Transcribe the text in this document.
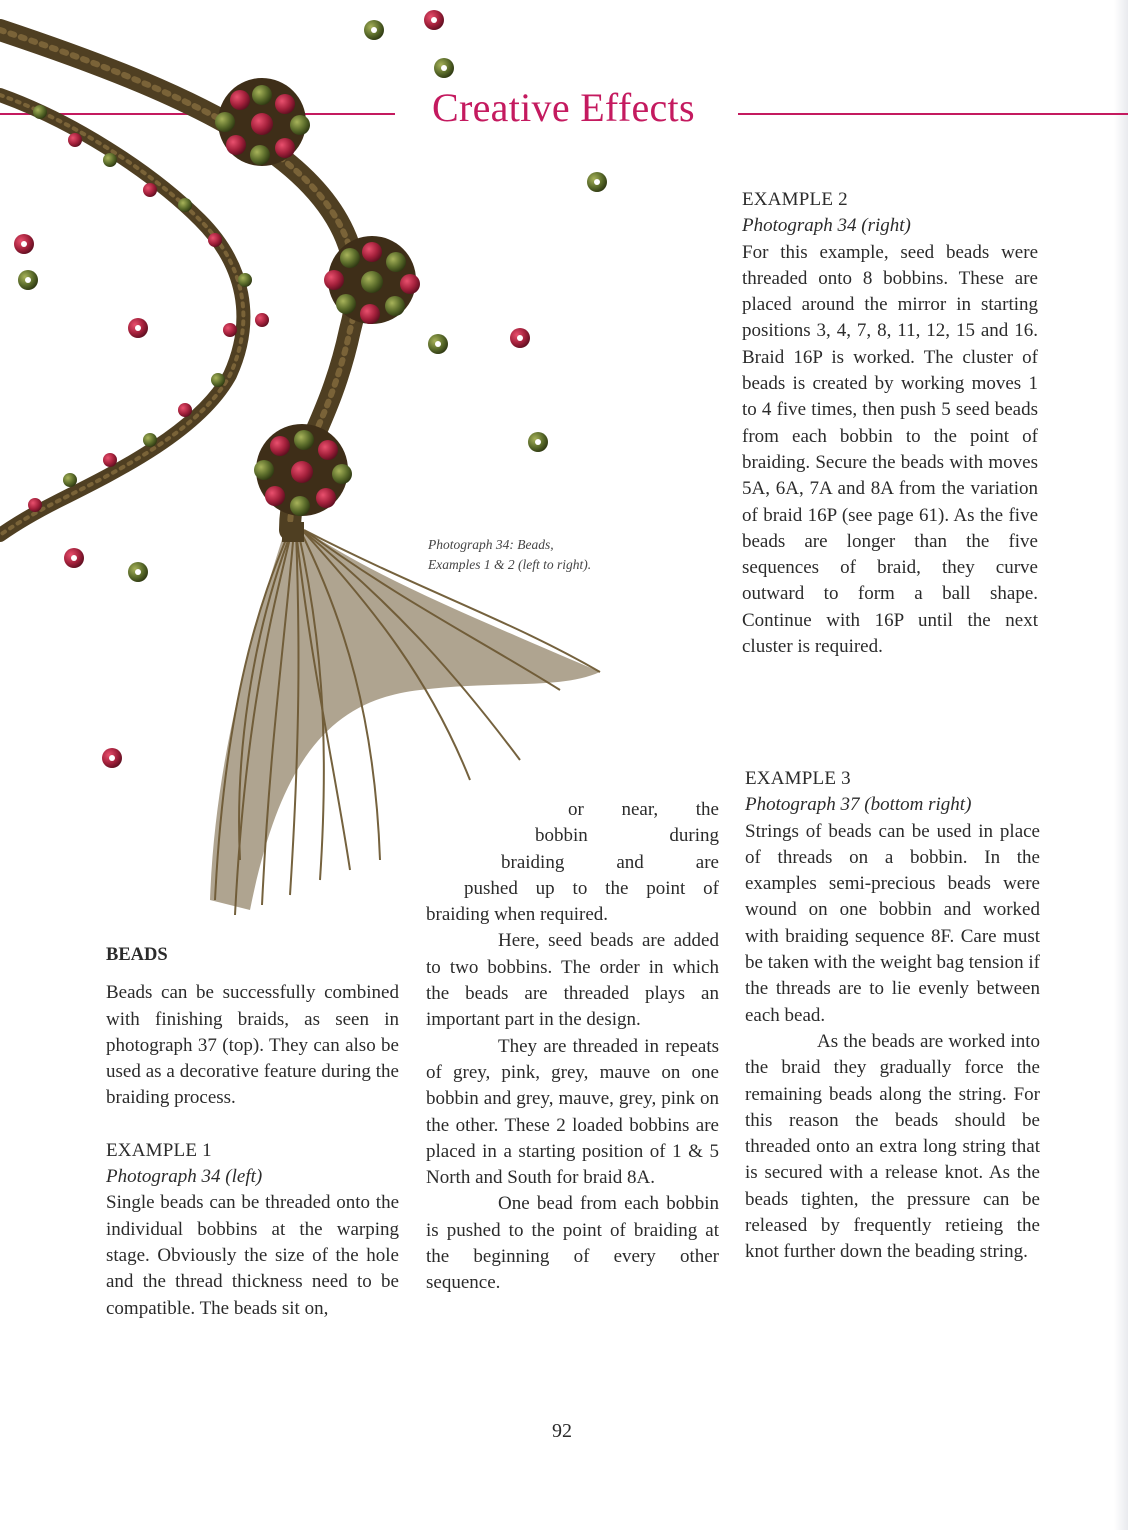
Creative Effects
Photograph 34: Beads,
Examples 1 & 2 (left to right).

BEADS

Beads can be successfully combined with finishing braids, as seen in photograph 37 (top). They can also be used as a decorative feature during the braiding process.

EXAMPLE 1

Photograph 34 (left)

Single beads can be threaded onto the individual bobbins at the warping stage. Obviously the size of the hole and the thread thickness need to be compatible. The beads sit on,

or near, the

bobbin during

braiding and are

pushed up to the point of

braiding when required.

Here, seed beads are added to two bobbins. The order in which the beads are threaded plays an important part in the design.

They are threaded in repeats of grey, pink, grey, mauve on one bobbin and grey, mauve, grey, pink on the other. These 2 loaded bobbins are placed in a starting position of 1 & 5 North and South for braid 8A.

One bead from each bobbin is pushed to the point of braiding at the beginning of every other sequence.

EXAMPLE 2

Photograph 34 (right)

For this example, seed beads were threaded onto 8 bobbins. These are placed around the mirror in starting positions 3, 4, 7, 8, 11, 12, 15 and 16. Braid 16P is worked. The cluster of beads is created by working moves 1 to 4 five times, then push 5 seed beads from each bobbin to the point of braiding. Secure the beads with moves 5A, 6A, 7A and 8A from the variation of braid 16P (see page 61). As the five beads are longer than the five sequences of braid, they curve outward to form a ball shape. Continue with 16P until the next cluster is required.

EXAMPLE 3

Photograph 37 (bottom right)

Strings of beads can be used in place of threads on a bobbin. In the examples semi-precious beads were wound on one bobbin and worked with braiding sequence 8F. Care must be taken with the weight bag tension if the threads are to lie evenly between each bead.

As the beads are worked into the braid they gradually force the remaining beads along the string. For this reason the beads should be threaded onto an extra long string that is secured with a release knot. As the beads tighten, the pressure can be released by frequently retieing the knot further down the beading string.

92
